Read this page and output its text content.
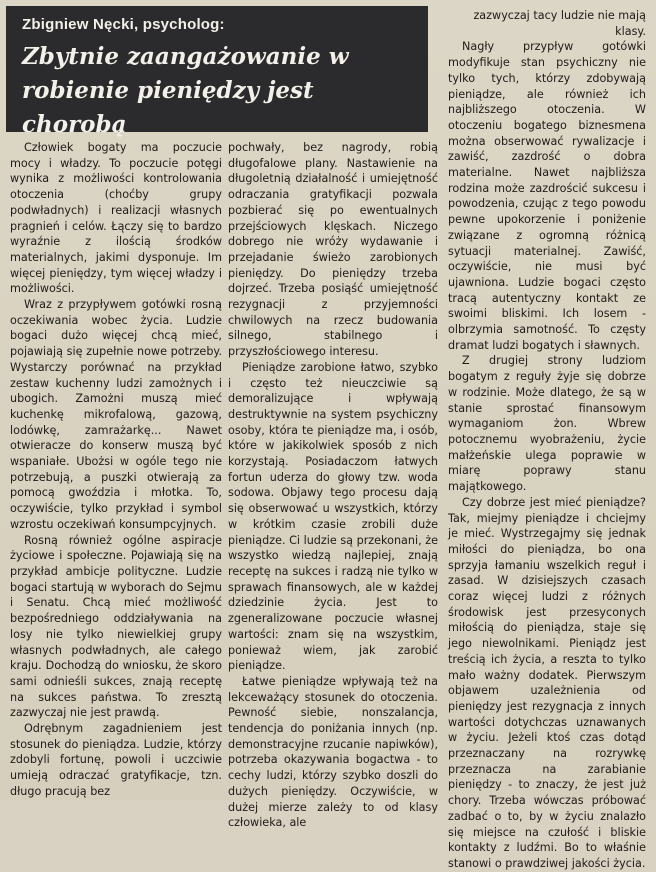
Zbigniew Nęcki, psycholog:
Zbytnie zaangażowanie w robienie pieniędzy jest chorobą

Człowiek bogaty ma poczucie mocy i władzy. To poczucie potęgi wynika z możliwości kontrolowania otoczenia (choćby grupy podwładnych) i realizacji własnych pragnień i celów. Łączy się to bardzo wyraźnie z ilością środków materialnych, jakimi dysponuje. Im więcej pieniędzy, tym więcej władzy i możliwości.

Wraz z przypływem gotówki rosną oczekiwania wobec życia. Ludzie bogaci dużo więcej chcą mieć, pojawiają się zupełnie nowe potrzeby. Wystarczy porównać na przykład zestaw kuchenny ludzi zamożnych i ubogich. Zamożni muszą mieć kuchenkę mikrofalową, gazową, lodówkę, zamrażarkę... Nawet otwieracze do konserw muszą być wspaniałe. Ubożsi w ogóle tego nie potrzebują, a puszki otwierają za pomocą gwoździa i młotka. To, oczywiście, tylko przykład i symbol wzrostu oczekiwań konsumpcyjnych.

Rosną również ogólne aspiracje życiowe i społeczne. Pojawiają się na przykład ambicje polityczne. Ludzie bogaci startują w wyborach do Sejmu i Senatu. Chcą mieć możliwość bezpośredniego oddziaływania na losy nie tylko niewielkiej grupy własnych podwładnych, ale całego kraju. Dochodzą do wniosku, że skoro sami odnieśli sukces, znają receptę na sukces państwa. To zresztą zazwyczaj nie jest prawdą.

Odrębnym zagadnieniem jest stosunek do pieniądza. Ludzie, którzy zdobyli fortunę, powoli i uczciwie umieją odraczać gratyfikacje, tzn. długo pracują bez

pochwały, bez nagrody, robią długofalowe plany. Nastawienie na długoletnią działalność i umiejętność odraczania gratyfikacji pozwala pozbierać się po ewentualnych przejściowych klęskach. Niczego dobrego nie wróży wydawanie i przejadanie świeżo zarobionych pieniędzy. Do pieniędzy trzeba dojrzeć. Trzeba posiąść umiejętność rezygnacji z przyjemności chwilowych na rzecz budowania silnego, stabilnego i przyszłościowego interesu.

Pieniądze zarobione łatwo, szybko i często też nieuczciwie są demoralizujące i wpływają destruktywnie na system psychiczny osoby, która te pieniądze ma, i osób, które w jakikolwiek sposób z nich korzystają. Posiadaczom łatwych fortun uderza do głowy tzw. woda sodowa. Objawy tego procesu dają się obserwować u wszystkich, którzy w krótkim czasie zrobili duże pieniądze. Ci ludzie są przekonani, że wszystko wiedzą najlepiej, znają receptę na sukces i radzą nie tylko w sprawach finansowych, ale w każdej dziedzinie życia. Jest to zgeneralizowane poczucie własnej wartości: znam się na wszystkim, ponieważ wiem, jak zarobić pieniądze.

Łatwe pieniądze wpływają też na lekceważący stosunek do otoczenia. Pewność siebie, nonszalancja, tendencja do poniżania innych (np. demonstracyjne rzucanie napiwków), potrzeba okazywania bogactwa - to cechy ludzi, którzy szybko doszli do dużych pieniędzy. Oczywiście, w dużej mierze zależy to od klasy człowieka, ale

zazwyczaj tacy ludzie nie mają klasy.

Nagły przypływ gotówki modyfikuje stan psychiczny nie tylko tych, którzy zdobywają pieniądze, ale również ich najbliższego otoczenia. W otoczeniu bogatego biznesmena można obserwować rywalizacje i zawiść, zazdrość o dobra materialne. Nawet najbliższa rodzina może zazdrościć sukcesu i powodzenia, czując z tego powodu pewne upokorzenie i poniżenie związane z ogromną różnicą sytuacji materialnej. Zawiść, oczywiście, nie musi być ujawniona. Ludzie bogaci często tracą autentyczny kontakt ze swoimi bliskimi. Ich losem - olbrzymia samotność. To częsty dramat ludzi bogatych i sławnych.

Z drugiej strony ludziom bogatym z reguły żyje się dobrze w rodzinie. Może dlatego, że są w stanie sprostać finansowym wymaganiom żon. Wbrew potocznemu wyobrażeniu, życie małżeńskie ulega poprawie w miarę poprawy stanu majątkowego.

Czy dobrze jest mieć pieniądze? Tak, miejmy pieniądze i chciejmy je mieć. Wystrzegajmy się jednak miłości do pieniądza, bo ona sprzyja łamaniu wszelkich reguł i zasad. W dzisiejszych czasach coraz więcej ludzi z różnych środowisk jest przesyconych miłością do pieniądza, staje się jego niewolnikami. Pieniądz jest treścią ich życia, a reszta to tylko mało ważny dodatek. Pierwszym objawem uzależnienia od pieniędzy jest rezygnacja z innych wartości dotychczas uznawanych w życiu. Jeżeli ktoś czas dotąd przeznaczany na rozrywkę przeznacza na zarabianie pieniędzy - to znaczy, że jest już chory. Trzeba wówczas próbować zadbać o to, by w życiu znalazło się miejsce na czułość i bliskie kontakty z ludźmi. Bo to właśnie stanowi o prawdziwej jakości życia.
